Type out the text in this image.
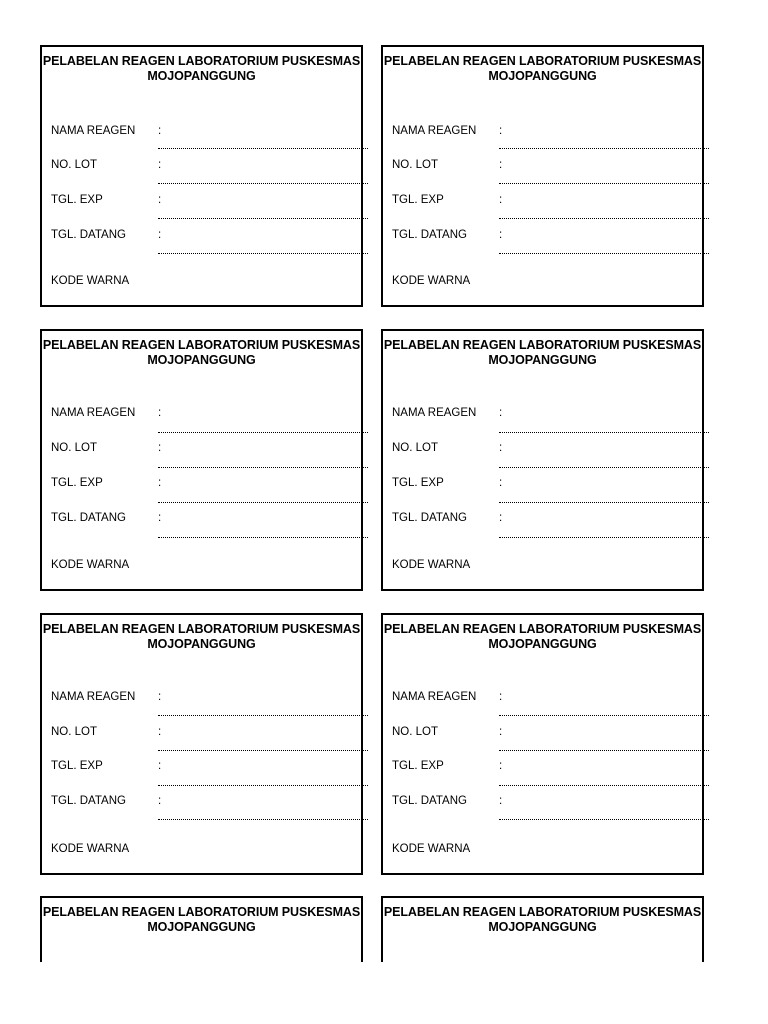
PELABELAN REAGEN LABORATORIUM PUSKESMAS
MOJOPANGGUNG
NAMA REAGEN :
NO. LOT	:
TGL. EXP	:
TGL. DATANG	:
KODE WARNA
PELABELAN REAGEN LABORATORIUM PUSKESMAS
MOJOPANGGUNG
NAMA REAGEN :
NO. LOT	:
TGL. EXP	:
TGL. DATANG	:
KODE WARNA
PELABELAN REAGEN LABORATORIUM PUSKESMAS
MOJOPANGGUNG
NAMA REAGEN :
NO. LOT	:
TGL. EXP	:
TGL. DATANG	:
KODE WARNA
PELABELAN REAGEN LABORATORIUM PUSKESMAS
MOJOPANGGUNG
NAMA REAGEN :
NO. LOT	:
TGL. EXP	:
TGL. DATANG	:
KODE WARNA
PELABELAN REAGEN LABORATORIUM PUSKESMAS
MOJOPANGGUNG
NAMA REAGEN :
NO. LOT	:
TGL. EXP	:
TGL. DATANG	:
KODE WARNA
PELABELAN REAGEN LABORATORIUM PUSKESMAS
MOJOPANGGUNG
NAMA REAGEN :
NO. LOT	:
TGL. EXP	:
TGL. DATANG	:
KODE WARNA
PELABELAN REAGEN LABORATORIUM PUSKESMAS
MOJOPANGGUNG
PELABELAN REAGEN LABORATORIUM PUSKESMAS
MOJOPANGGUNG
